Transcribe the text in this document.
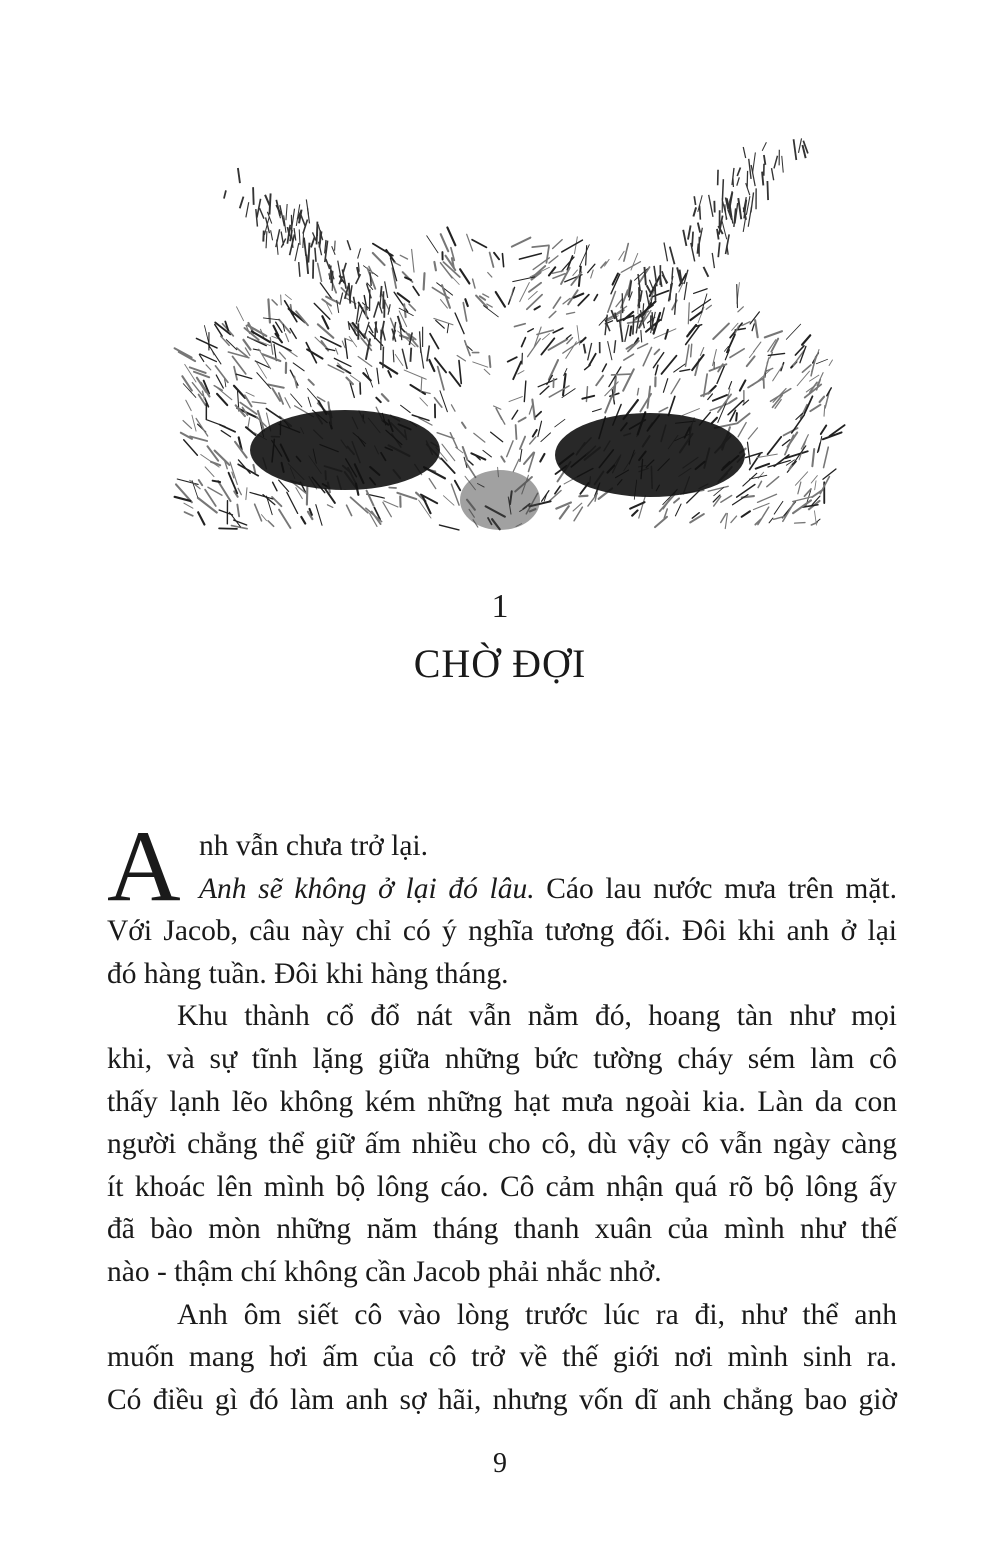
1
CHỜ ĐỢI
A nh vẫn chưa trở lại.
Anh sẽ không ở lại đó lâu. Cáo lau nước mưa trên mặt.
Với Jacob, câu này chỉ có ý nghĩa tương đối. Đôi khi anh ở lại
đó hàng tuần. Đôi khi hàng tháng.
Khu thành cổ đổ nát vẫn nằm đó, hoang tàn như mọi
khi, và sự tĩnh lặng giữa những bức tường cháy sém làm cô
thấy lạnh lẽo không kém những hạt mưa ngoài kia. Làn da con
người chẳng thể giữ ấm nhiều cho cô, dù vậy cô vẫn ngày càng
ít khoác lên mình bộ lông cáo. Cô cảm nhận quá rõ bộ lông ấy
đã bào mòn những năm tháng thanh xuân của mình như thế
nào - thậm chí không cần Jacob phải nhắc nhở.
Anh ôm siết cô vào lòng trước lúc ra đi, như thể anh
muốn mang hơi ấm của cô trở về thế giới nơi mình sinh ra.
Có điều gì đó làm anh sợ hãi, nhưng vốn dĩ anh chẳng bao giờ
9
